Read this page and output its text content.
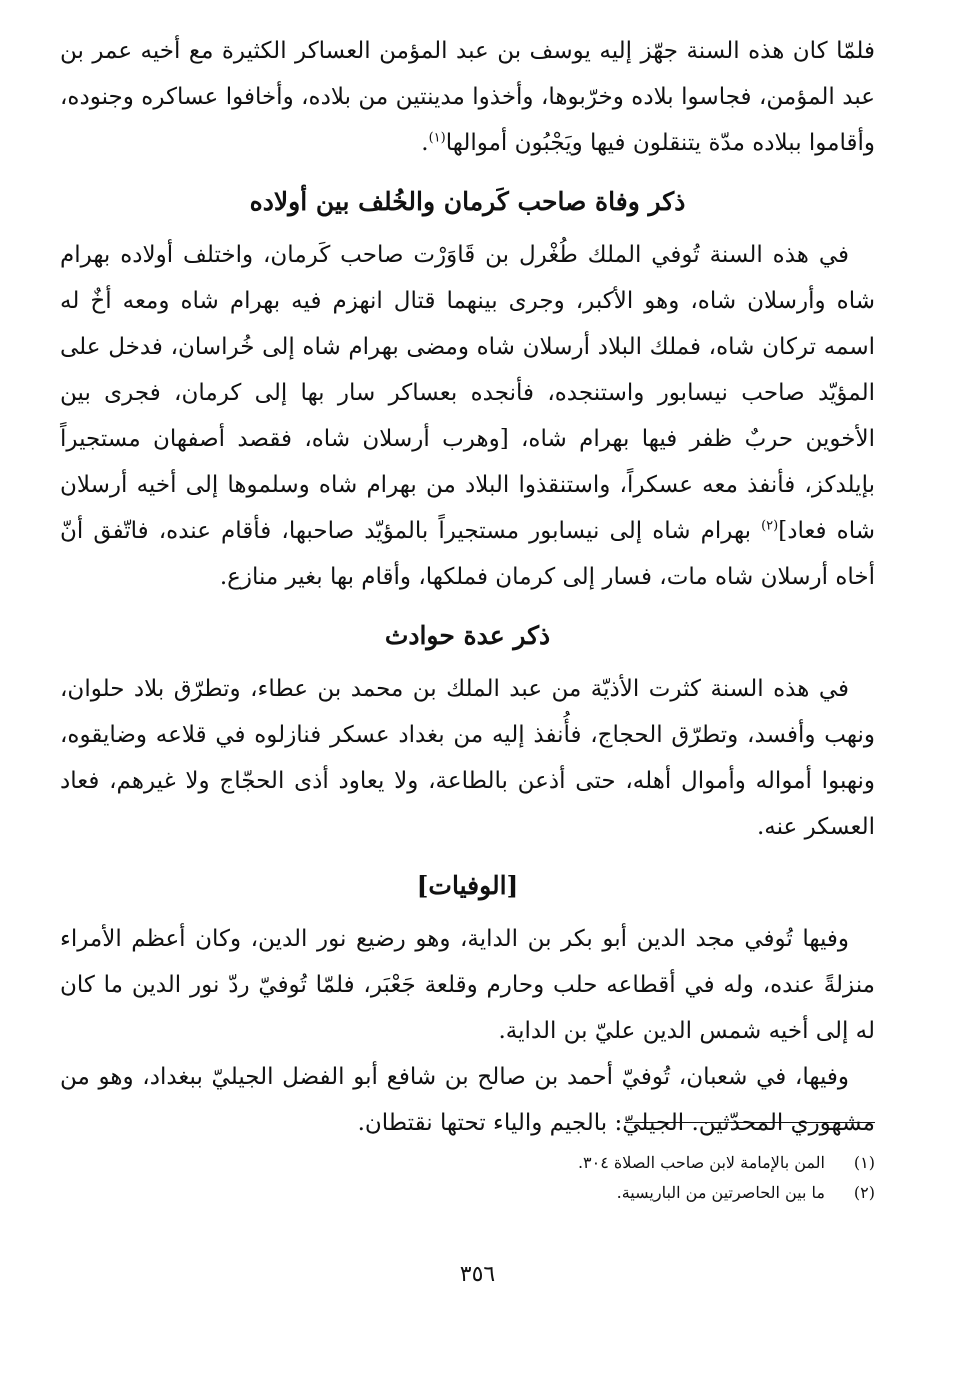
فلمّا كان هذه السنة جهّز إليه يوسف بن عبد المؤمن العساكر الكثيرة مع أخيه عمر بن عبد المؤمن، فجاسوا بلاده وخرّبوها، وأخذوا مدينتين من بلاده، وأخافوا عساكره وجنوده، وأقاموا ببلاده مدّة يتنقلون فيها ويَجْبُون أموالها$^{(١)}$.

ذكر وفاة صاحب كَرمان والخُلف بين أولاده

في هذه السنة تُوفي الملك طُغْرل بن قَاوَرْت صاحب كَرمان، واختلف أولاده بهرام شاه وأرسلان شاه، وهو الأكبر، وجرى بينهما قتال انهزم فيه بهرام شاه ومعه أخٌ له اسمه تركان شاه، فملك البلاد أرسلان شاه ومضى بهرام شاه إلى خُراسان، فدخل على المؤيّد صاحب نيسابور واستنجده، فأنجده بعساكر سار بها إلى كرمان، فجرى بين الأخوين حربٌ ظفر فيها بهرام شاه، [وهرب أرسلان شاه، فقصد أصفهان مستجيراً بإيلدكز، فأنفذ معه عسكراً، واستنقذوا البلاد من بهرام شاه وسلموها إلى أخيه أرسلان شاه فعاد]$^{(٢)}$ بهرام شاه إلى نيسابور مستجيراً بالمؤيّد صاحبها، فأقام عنده، فاتّفق أنّ أخاه أرسلان شاه مات، فسار إلى كرمان فملكها، وأقام بها بغير منازع.

ذكر عدة حوادث

في هذه السنة كثرت الأذيّة من عبد الملك بن محمد بن عطاء، وتطرّق بلاد حلوان، ونهب وأفسد، وتطرّق الحجاج، فأُنفذ إليه من بغداد عسكر فنازلوه في قلاعه وضايقوه، ونهبوا أمواله وأموال أهله، حتى أذعن بالطاعة، ولا يعاود أذى الحجّاج ولا غيرهم، فعاد العسكر عنه.

[الوفيات]

وفيها تُوفي مجد الدين أبو بكر بن الداية، وهو رضيع نور الدين، وكان أعظم الأمراء منزلةً عنده، وله في أقطاعه حلب وحارم وقلعة جَعْبَر، فلمّا تُوفيّ ردّ نور الدين ما كان له إلى أخيه شمس الدين عليّ بن الداية.

وفيها، في شعبان، تُوفيّ أحمد بن صالح بن شافع أبو الفضل الجيليّ ببغداد، وهو من مشهوري المحدّثين. الجيليّ: بالجيم والياء تحتها نقتطان.

(١)
المن بالإمامة لابن صاحب الصلاة ٣٠٤.
(٢)
ما بين الحاصرتين من الباريسية.
٣٥٦
